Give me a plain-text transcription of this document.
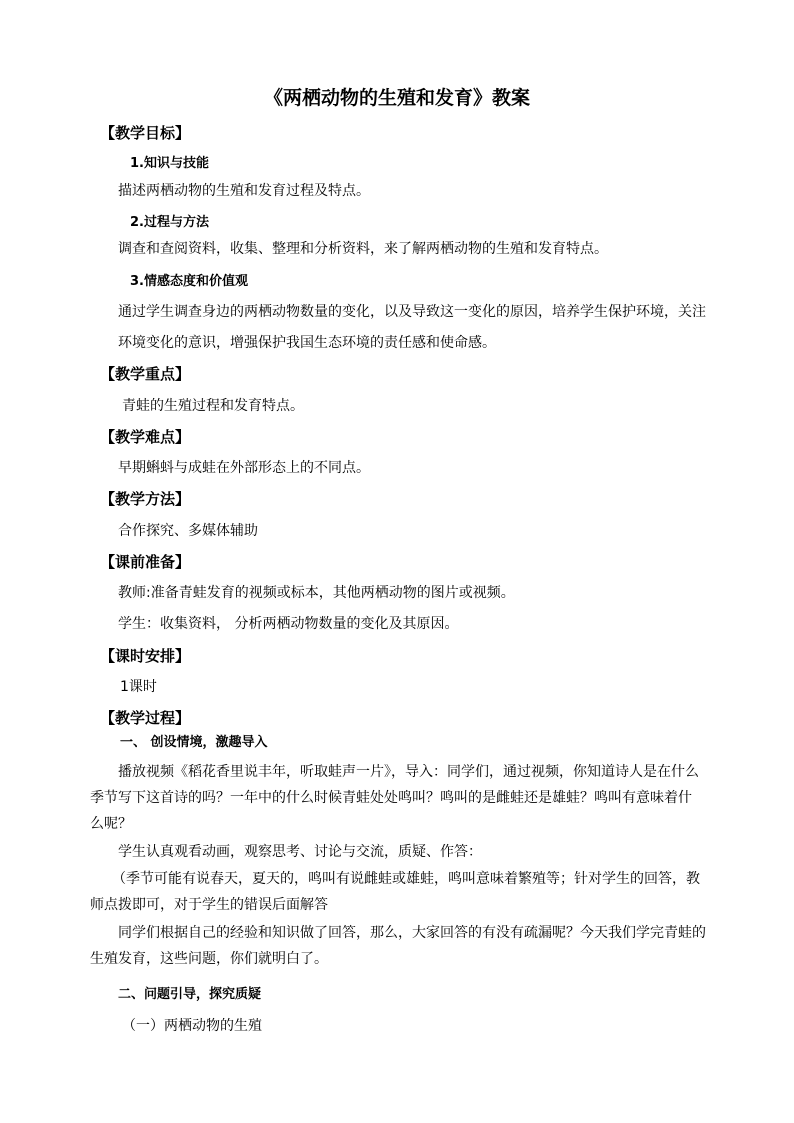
《两栖动物的生殖和发育》教案
【教学目标】
1.知识与技能
描述两栖动物的生殖和发育过程及特点。
2.过程与方法
调查和查阅资料，收集、整理和分析资料，来了解两栖动物的生殖和发育特点。
3.情感态度和价值观
通过学生调查身边的两栖动物数量的变化，以及导致这一变化的原因，培养学生保护环境，关注
环境变化的意识，增强保护我国生态环境的责任感和使命感。
【教学重点】
青蛙的生殖过程和发育特点。
【教学难点】
早期蝌蚪与成蛙在外部形态上的不同点。
【教学方法】
合作探究、多媒体辅助
【课前准备】
教师:准备青蛙发育的视频或标本，其他两栖动物的图片或视频。
学生：收集资料， 分析两栖动物数量的变化及其原因。
【课时安排】
1课时
【教学过程】
一、 创设情境，激趣导入
播放视频《稻花香里说丰年，听取蛙声一片》，导入：同学们，通过视频，你知道诗人是在什么
季节写下这首诗的吗？一年中的什么时候青蛙处处鸣叫？鸣叫的是雌蛙还是雄蛙？鸣叫有意味着什
么呢？
学生认真观看动画，观察思考、讨论与交流，质疑、作答：
（季节可能有说春天，夏天的，鸣叫有说雌蛙或雄蛙，鸣叫意味着繁殖等；针对学生的回答，教
师点拨即可，对于学生的错误后面解答
同学们根据自己的经验和知识做了回答，那么，大家回答的有没有疏漏呢？今天我们学完青蛙的
生殖发育，这些问题，你们就明白了。
二、问题引导，探究质疑
（一）两栖动物的生殖
